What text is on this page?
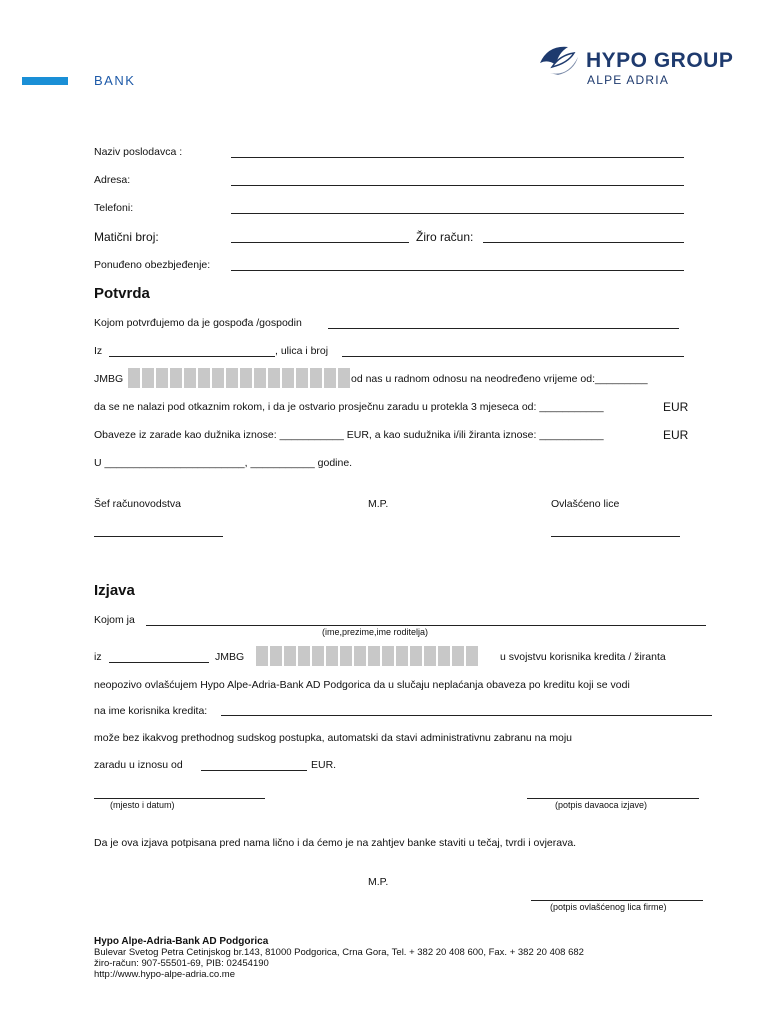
BANK
HYPO GROUP
ALPE ADRIA
Naziv poslodavca :
Adresa:
Telefoni:
Matični broj:	Žiro račun:
Ponuđeno obezbjeđenje:
Potvrda
Kojom potvrđujemo da je gospođa /gospodin
Iz	, ulica i broj
JMBG	od nas u radnom odnosu na neodređeno vrijeme od:_________
da se ne nalazi pod otkaznim rokom, i da je ostvario prosječnu zaradu u protekla 3 mjeseca od: ___________	EUR
Obaveze iz zarade kao dužnika iznose: ___________ EUR, a kao sudužnika i/ili žiranta iznose: ___________	EUR
U ________________________, ___________ godine.
Šef računovodstva	M.P.	Ovlašćeno lice
Izjava
Kojom ja
(ime,prezime,ime roditelja)
iz	JMBG	u svojstvu korisnika kredita / žiranta
neopozivo ovlašćujem Hypo Alpe-Adria-Bank AD Podgorica da u slučaju neplaćanja obaveza po kreditu koji se vodi
na ime korisnika kredita:
može bez ikakvog prethodnog sudskog postupka, automatski da stavi administrativnu zabranu na moju
zaradu u iznosu od	EUR.
(mjesto i datum)	(potpis davaoca izjave)
Da je ova izjava potpisana pred nama lično i da ćemo je na zahtjev banke staviti u tečaj, tvrdi i ovjerava.
M.P.
(potpis ovlašćenog lica firme)
Hypo Alpe-Adria-Bank AD Podgorica
Bulevar Svetog Petra Cetinjskog br.143, 81000 Podgorica, Crna Gora, Tel. + 382 20 408 600, Fax. + 382 20 408 682
žiro-račun: 907-55501-69, PIB: 02454190
http://www.hypo-alpe-adria.co.me
